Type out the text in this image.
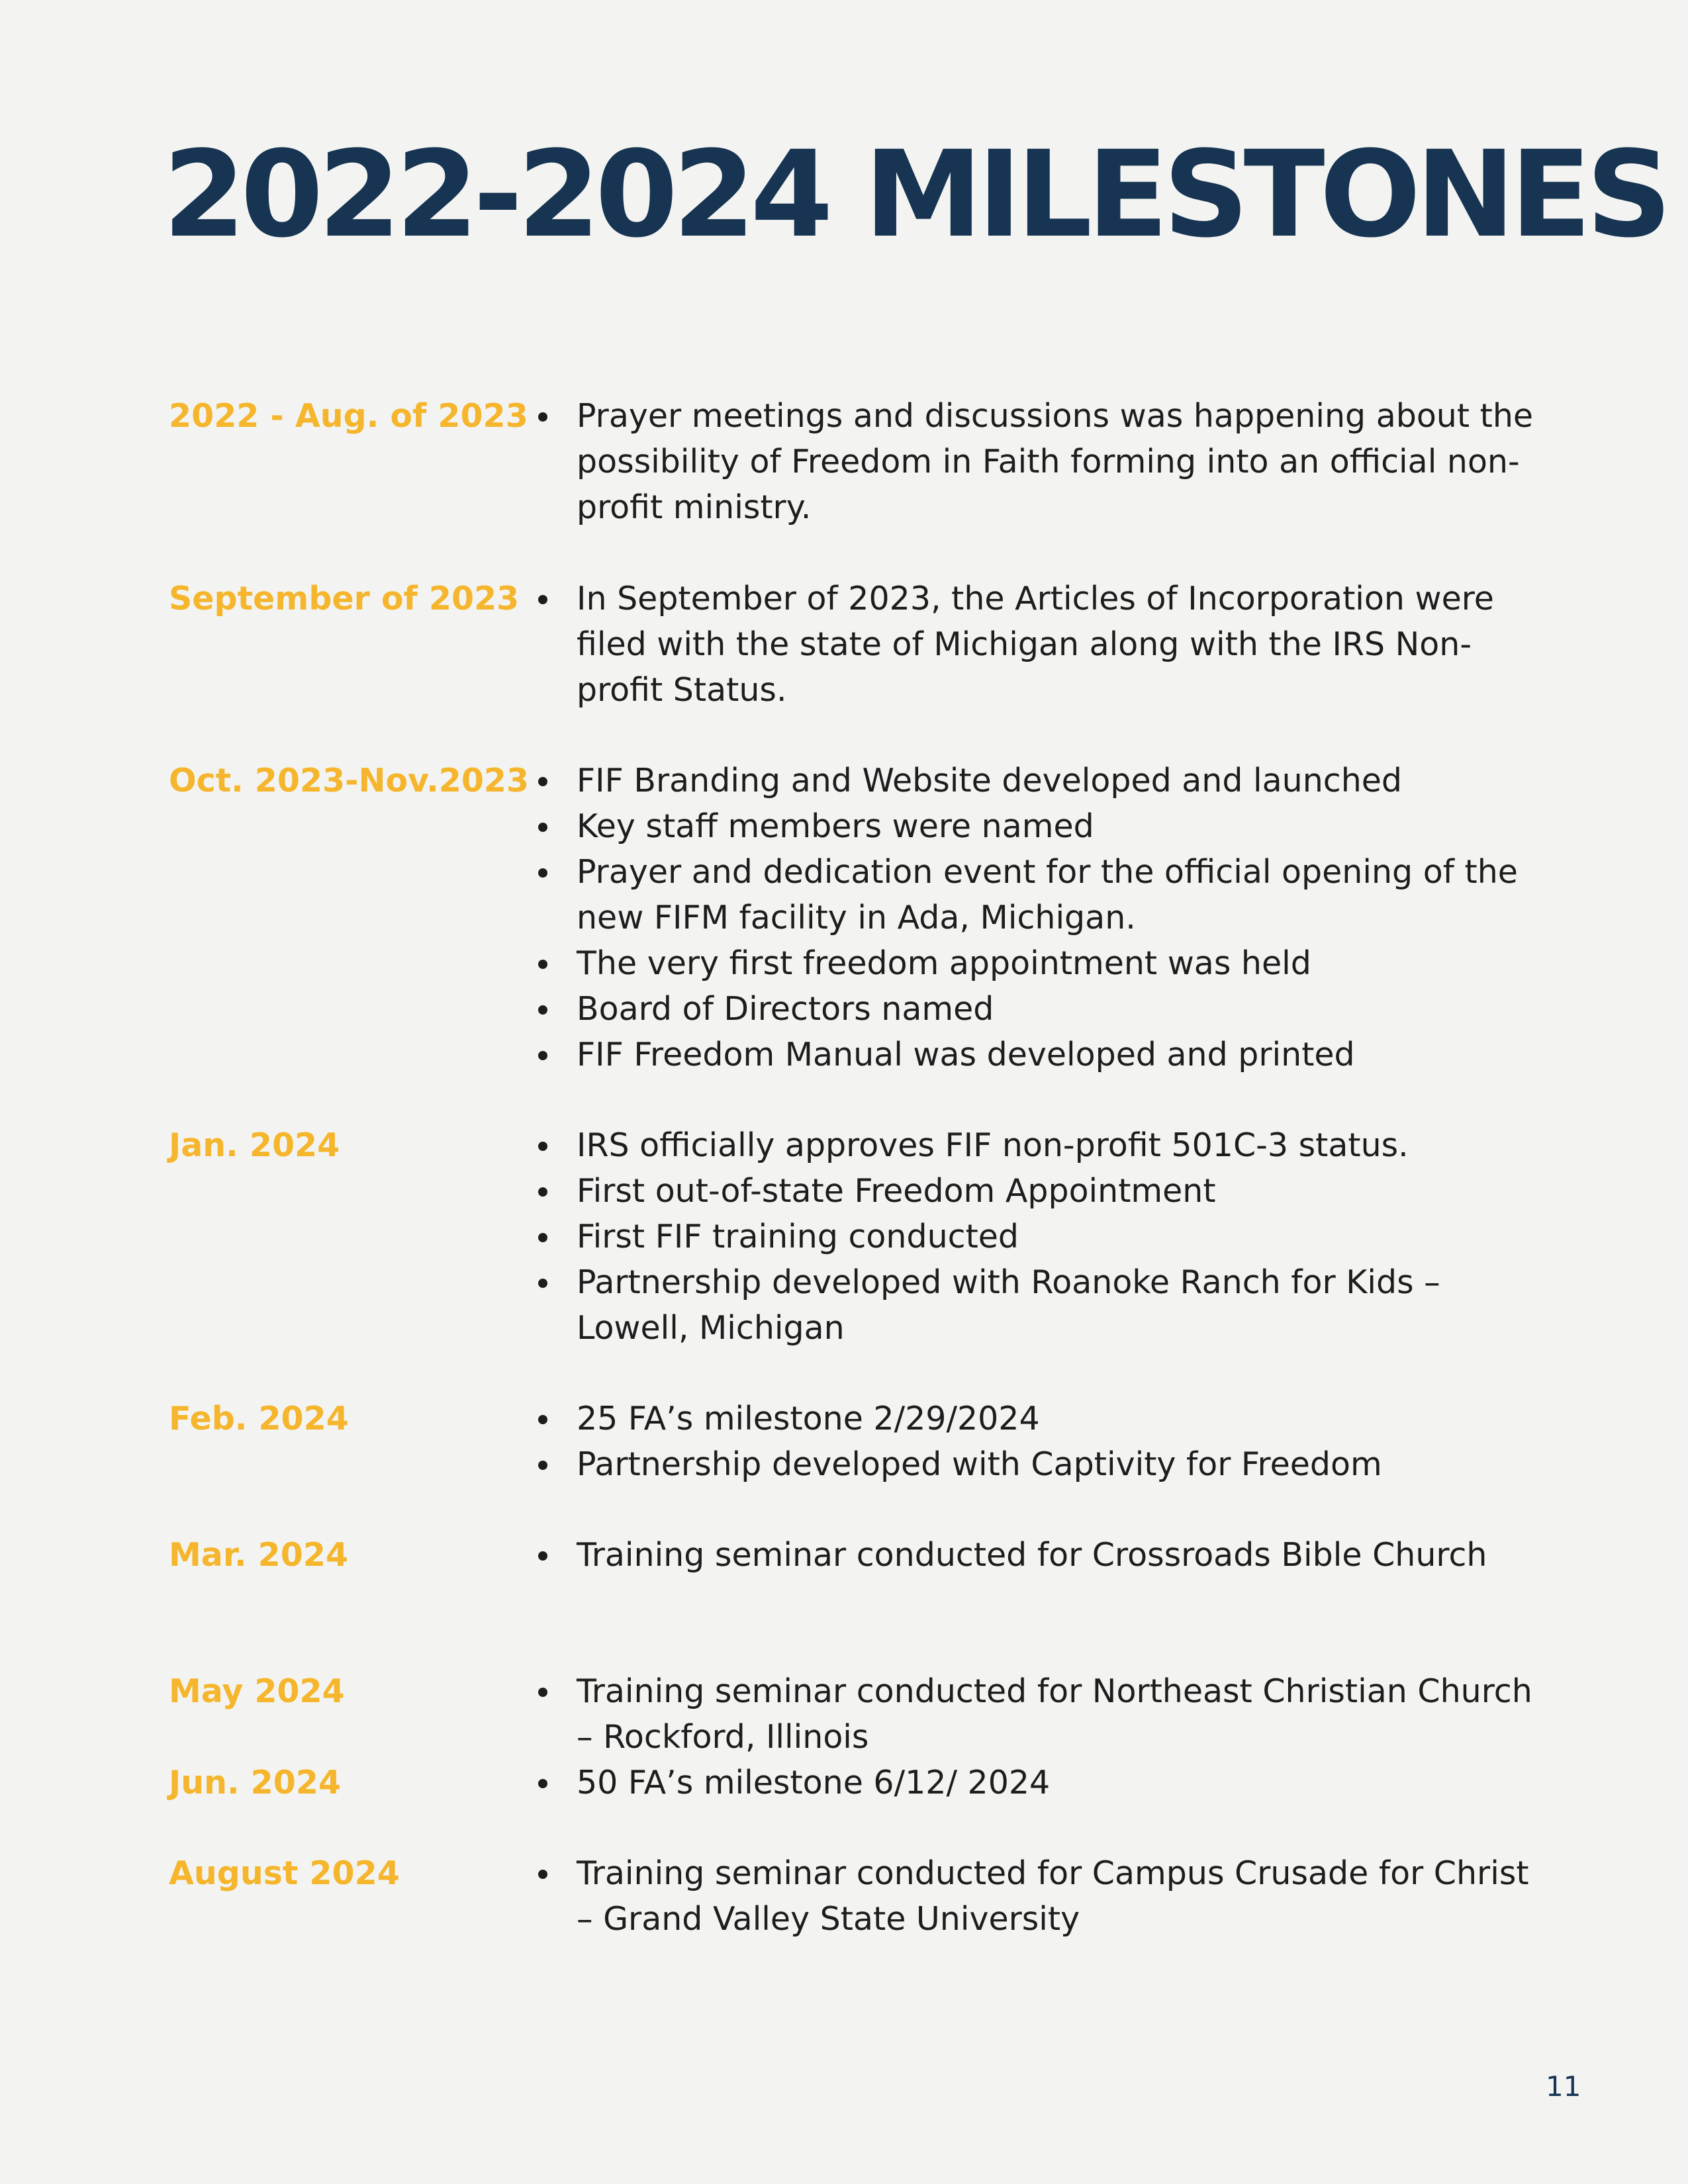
2022-2024 MILESTONES
2022 - Aug. of 2023	Prayer meetings and discussions was happening about the possibility of Freedom in Faith forming into an official non-profit ministry.
September of 2023	In September of 2023, the Articles of Incorporation were filed with the state of Michigan along with the IRS Non-profit Status.
Oct. 2023-Nov.2023	FIF Branding and Website developed and launched
Key staff members were named
Prayer and dedication event for the official opening of the new FIFM facility in Ada, Michigan.
The very first freedom appointment was held
Board of Directors named
FIF Freedom Manual was developed and printed
Jan. 2024	IRS officially approves FIF non-profit 501C-3 status.
First out-of-state Freedom Appointment
First FIF training conducted
Partnership developed with Roanoke Ranch for Kids – Lowell, Michigan
Feb. 2024	25 FA’s milestone 2/29/2024
Partnership developed with Captivity for Freedom
Mar. 2024	Training seminar conducted for Crossroads Bible Church
May 2024	Training seminar conducted for Northeast Christian Church – Rockford, Illinois
Jun. 2024	50 FA’s milestone 6/12/ 2024
August 2024	Training seminar conducted for Campus Crusade for Christ – Grand Valley State University
11
